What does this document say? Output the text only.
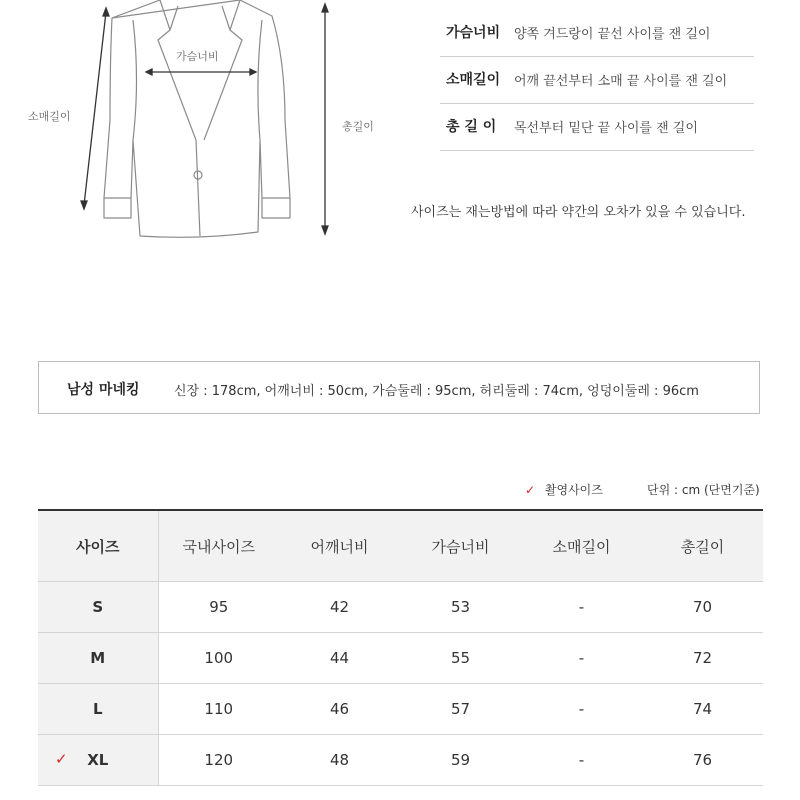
가슴너비
소매길이
총길이
가슴너비 양쪽 겨드랑이 끝선 사이를 잰 길이
소매길이 어깨 끝선부터 소매 끝 사이를 잰 길이
총 길 이 목선부터 밑단 끝 사이를 잰 길이
사이즈는 재는방법에 따라 약간의 오차가 있을 수 있습니다.
남성 마네킹	신장 : 178cm, 어깨너비 : 50cm, 가슴둘레 : 95cm, 허리둘레 : 74cm, 엉덩이둘레 : 96cm
✓ 촬영사이즈	단위 : cm (단면기준)
사이즈	국내사이즈	어깨너비	가슴너비	소매길이	총길이
S	95	42	53	-	70
M	100	44	55	-	72
L	110	46	57	-	74

✓ XL	120	48	59	-	76
